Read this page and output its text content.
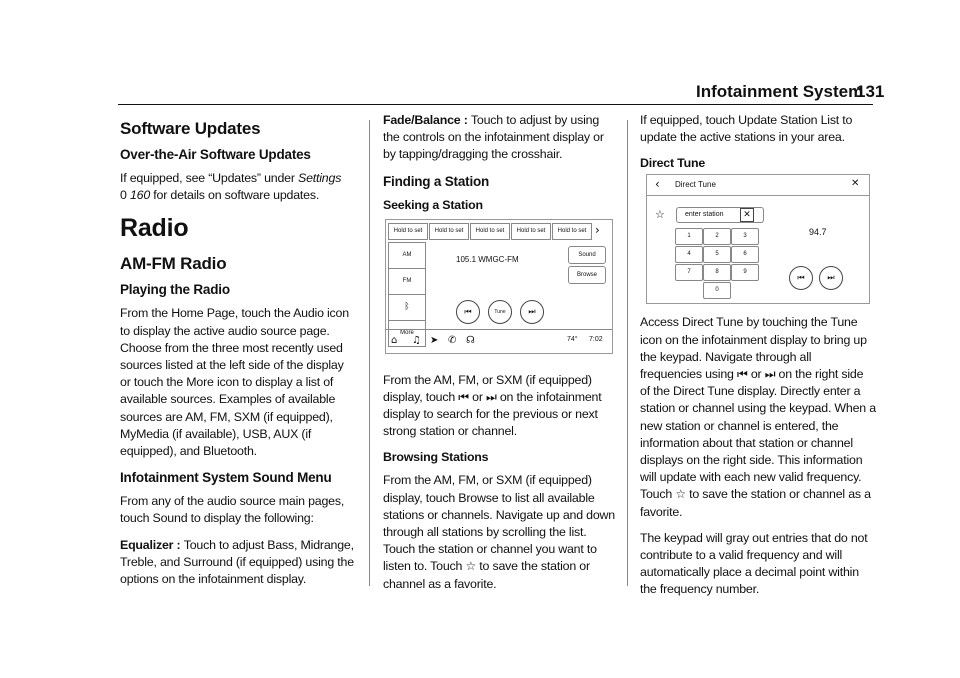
Infotainment System
131
Software Updates
Over-the-Air Software Updates

If equipped, see “Updates” under Settings
0 160 for details on software updates.

Radio
AM-FM Radio
Playing the Radio

From the Home Page, touch the Audio icon to display the active audio source page. Choose from the three most recently used sources listed at the left side of the display or touch the More icon to display a list of available sources. Examples of available sources are AM, FM, SXM (if equipped), MyMedia (if available), USB, AUX (if equipped), and Bluetooth.

Infotainment System Sound Menu

From any of the audio source main pages, touch Sound to display the following:

Equalizer : Touch to adjust Bass, Midrange, Treble, and Surround (if equipped) using the options on the infotainment display.

Fade/Balance : Touch to adjust by using the controls on the infotainment display or by tapping/dragging the crosshair.

Finding a Station
Seeking a Station

From the AM, FM, or SXM (if equipped) display, touch ⏮ or ⏭ on the infotainment display to search for the previous or next strong station or channel.

Browsing Stations

From the AM, FM, or SXM (if equipped) display, touch Browse to list all available stations or channels. Navigate up and down through all stations by scrolling the list. Touch the station or channel you want to listen to. Touch ☆ to save the station or channel as a favorite.

Hold to set	Hold to set	Hold to set	Hold to set	Hold to set ›
AM
FM
ᛒ
More
105.1 WMGC-FM	Sound
Browse
⏮	Tune	⏭
⌂ ♫ ➤ ✆ ☊	74° 7:02

If equipped, touch Update Station List to update the active stations in your area.

Direct Tune

Access Direct Tune by touching the Tune icon on the infotainment display to bring up the keypad. Navigate through all frequencies using ⏮ or ⏭ on the right side of the Direct Tune display. Directly enter a station or channel using the keypad. When a new station or channel is entered, the information about that station or channel displays on the right side. This information will update with each new valid frequency. Touch ☆ to save the station or channel as a favorite.

The keypad will gray out entries that do not contribute to a valid frequency and will automatically place a decimal point within the frequency number.

‹ Direct Tune	✕
☆	enter station	✕
1	2	3
4	5	6
7	8	9
0
94.7
⏮	⏭
